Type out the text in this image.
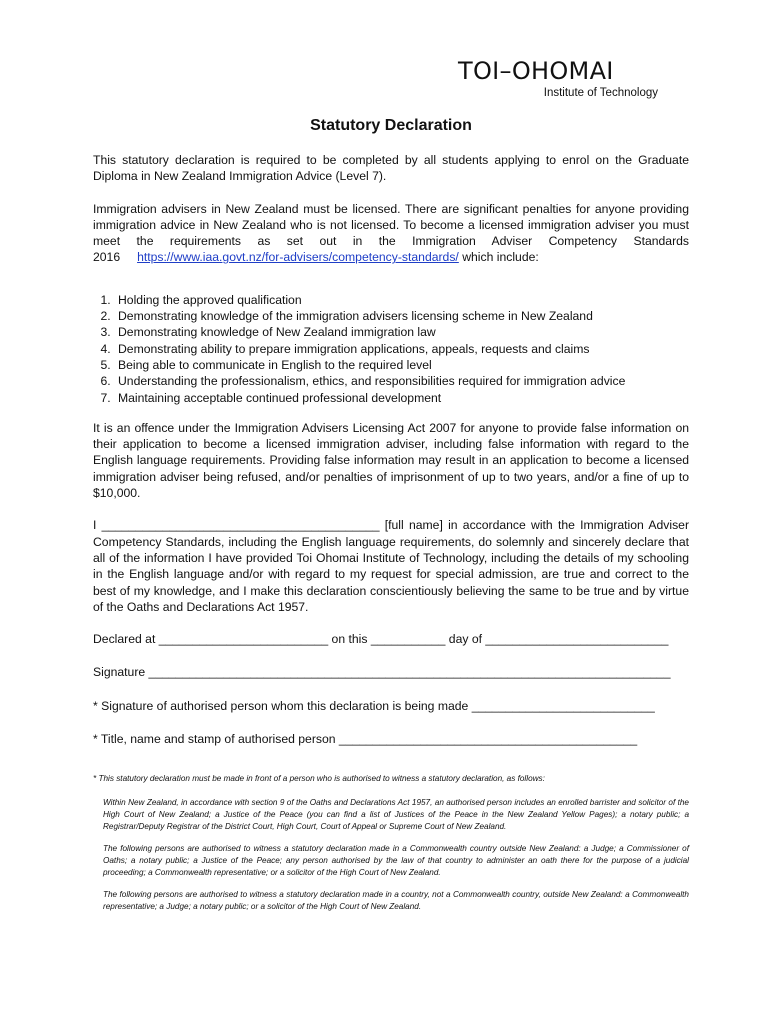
TOI–OHOMAI
Institute of Technology
Statutory Declaration

This statutory declaration is required to be completed by all students applying to enrol on the Graduate Diploma in New Zealand Immigration Advice (Level 7).

Immigration advisers in New Zealand must be licensed. There are significant penalties for anyone providing immigration advice in New Zealand who is not licensed. To become a licensed immigration adviser you must meet the requirements as set out in the Immigration Adviser Competency Standards 2016 https://www.iaa.govt.nz/for-advisers/competency-standards/ which include:

1. Holding the approved qualification
2. Demonstrating knowledge of the immigration advisers licensing scheme in New Zealand
3. Demonstrating knowledge of New Zealand immigration law
4. Demonstrating ability to prepare immigration applications, appeals, requests and claims
5. Being able to communicate in English to the required level
6. Understanding the professionalism, ethics, and responsibilities required for immigration advice
7. Maintaining acceptable continued professional development

It is an offence under the Immigration Advisers Licensing Act 2007 for anyone to provide false information on their application to become a licensed immigration adviser, including false information with regard to the English language requirements. Providing false information may result in an application to become a licensed immigration adviser being refused, and/or penalties of imprisonment of up to two years, and/or a fine of up to $10,000.

I _________________________________________ [full name] in accordance with the Immigration Adviser Competency Standards, including the English language requirements, do solemnly and sincerely declare that all of the information I have provided Toi Ohomai Institute of Technology, including the details of my schooling in the English language and/or with regard to my request for special admission, are true and correct to the best of my knowledge, and I make this declaration conscientiously believing the same to be true and by virtue of the Oaths and Declarations Act 1957.

Declared at _________________________ on this ___________ day of ___________________________

Signature _____________________________________________________________________________

* Signature of authorised person whom this declaration is being made ___________________________

* Title, name and stamp of authorised person ____________________________________________

* This statutory declaration must be made in front of a person who is authorised to witness a statutory declaration, as follows:

Within New Zealand, in accordance with section 9 of the Oaths and Declarations Act 1957, an authorised person includes an enrolled barrister and solicitor of the High Court of New Zealand; a Justice of the Peace (you can find a list of Justices of the Peace in the New Zealand Yellow Pages); a notary public; a Registrar/Deputy Registrar of the District Court, High Court, Court of Appeal or Supreme Court of New Zealand.

The following persons are authorised to witness a statutory declaration made in a Commonwealth country outside New Zealand: a Judge; a Commissioner of Oaths; a notary public; a Justice of the Peace; any person authorised by the law of that country to administer an oath there for the purpose of a judicial proceeding; a Commonwealth representative; or a solicitor of the High Court of New Zealand.

The following persons are authorised to witness a statutory declaration made in a country, not a Commonwealth country, outside New Zealand: a Commonwealth representative; a Judge; a notary public; or a solicitor of the High Court of New Zealand.
